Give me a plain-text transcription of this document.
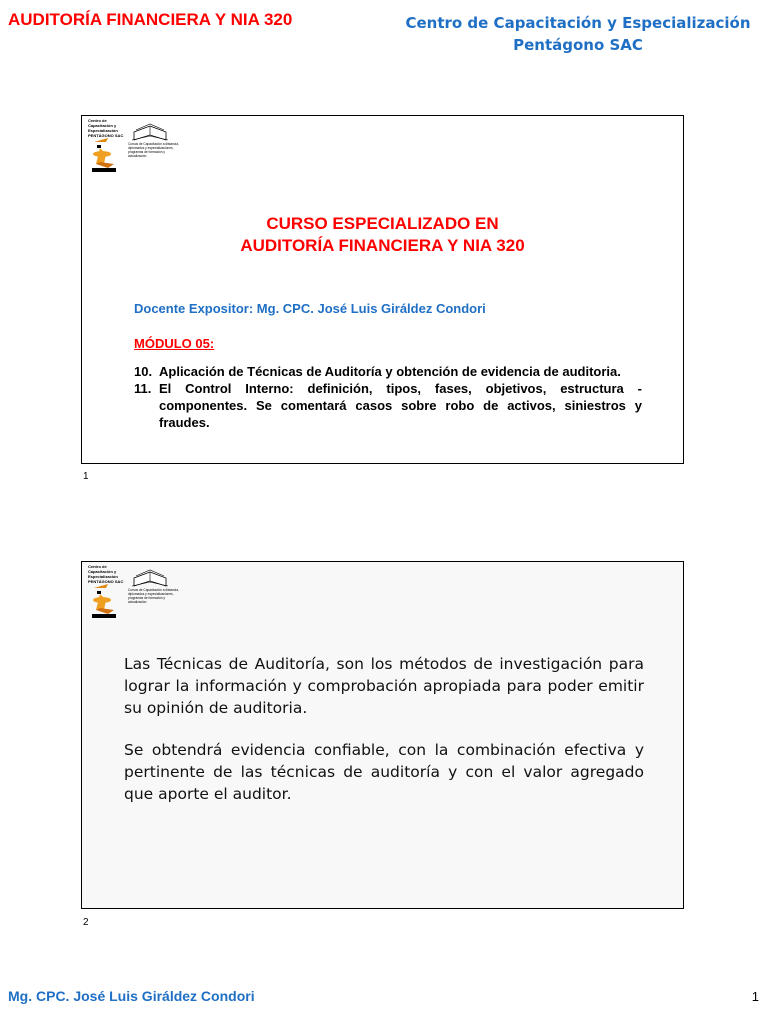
AUDITORÍA FINANCIERA Y NIA 320	Centro de Capacitación y Especialización
Pentágono SAC
Centro de Capacitación y
Especialización
PENTÁGONO SAC
Cursos de Capacitación a distancia, diplomados y especializaciones, programas de formación y actualización
CURSO ESPECIALIZADO EN
AUDITORÍA FINANCIERA Y NIA 320
Docente Expositor: Mg. CPC. José Luis Giráldez Condori
MÓDULO 05:
10. Aplicación de Técnicas de Auditoría y obtención de evidencia de auditoria.
11. El Control Interno: definición, tipos, fases, objetivos, estructura - componentes. Se comentará casos sobre robo de activos, siniestros y fraudes.
1
Centro de Capacitación y
Especialización
PENTÁGONO SAC
Cursos de Capacitación a distancia, diplomados y especializaciones, programas de formación y actualización

Las Técnicas de Auditoría, son los métodos de investigación para lograr la información y comprobación apropiada para poder emitir su opinión de auditoria.

Se obtendrá evidencia confiable, con la combinación efectiva y pertinente de las técnicas de auditoría y con el valor agregado que aporte el auditor.

2
Mg. CPC. José Luis Giráldez Condori	1
